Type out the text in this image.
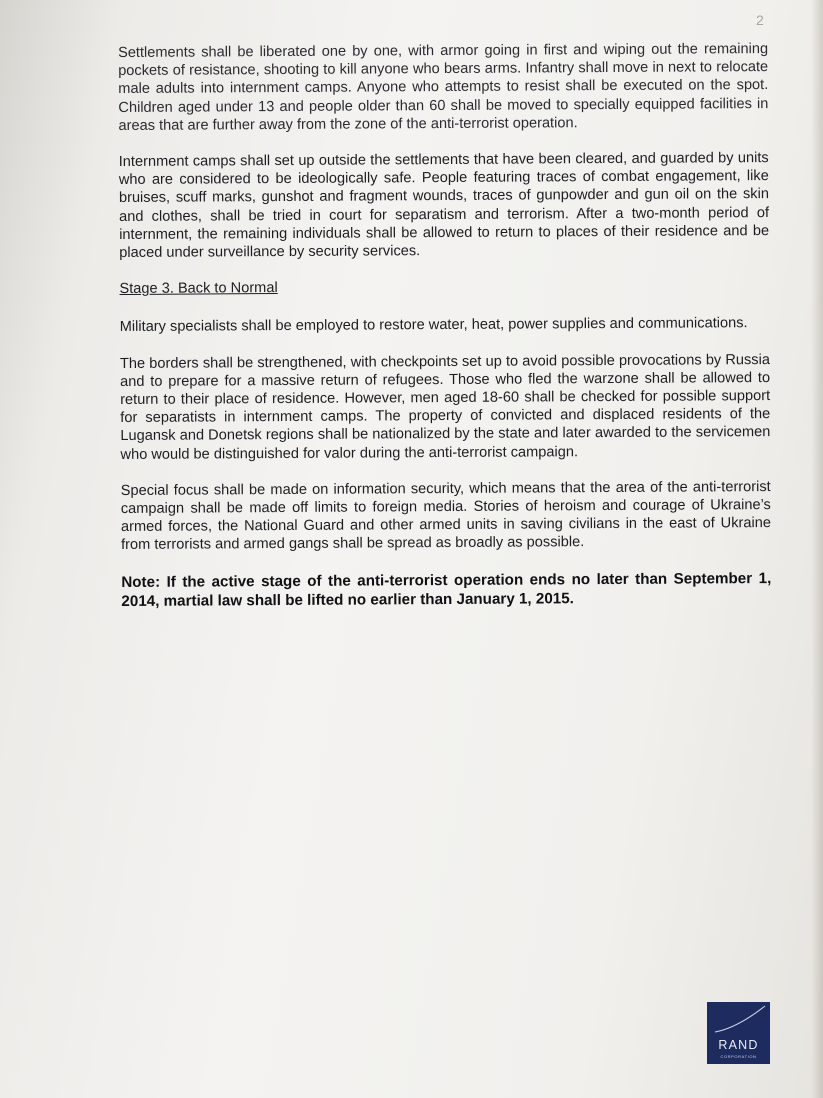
2

Settlements shall be liberated one by one, with armor going in first and wiping out the remaining pockets of resistance, shooting to kill anyone who bears arms. Infantry shall move in next to relocate male adults into internment camps. Anyone who attempts to resist shall be executed on the spot. Children aged under 13 and people older than 60 shall be moved to specially equipped facilities in areas that are further away from the zone of the anti-terrorist operation.

Internment camps shall set up outside the settlements that have been cleared, and guarded by units who are considered to be ideologically safe. People featuring traces of combat engagement, like bruises, scuff marks, gunshot and fragment wounds, traces of gunpowder and gun oil on the skin and clothes, shall be tried in court for separatism and terrorism. After a two-month period of internment, the remaining individuals shall be allowed to return to places of their residence and be placed under surveillance by security services.

Stage 3. Back to Normal

Military specialists shall be employed to restore water, heat, power supplies and communications.

The borders shall be strengthened, with checkpoints set up to avoid possible provocations by Russia and to prepare for a massive return of refugees. Those who fled the warzone shall be allowed to return to their place of residence. However, men aged 18-60 shall be checked for possible support for separatists in internment camps. The property of convicted and displaced residents of the Lugansk and Donetsk regions shall be nationalized by the state and later awarded to the servicemen who would be distinguished for valor during the anti-terrorist campaign.

Special focus shall be made on information security, which means that the area of the anti-terrorist campaign shall be made off limits to foreign media. Stories of heroism and courage of Ukraine’s armed forces, the National Guard and other armed units in saving civilians in the east of Ukraine from terrorists and armed gangs shall be spread as broadly as possible.

Note: If the active stage of the anti-terrorist operation ends no later than September 1, 2014, martial law shall be lifted no earlier than January 1, 2015.

RAND
CORPORATION
